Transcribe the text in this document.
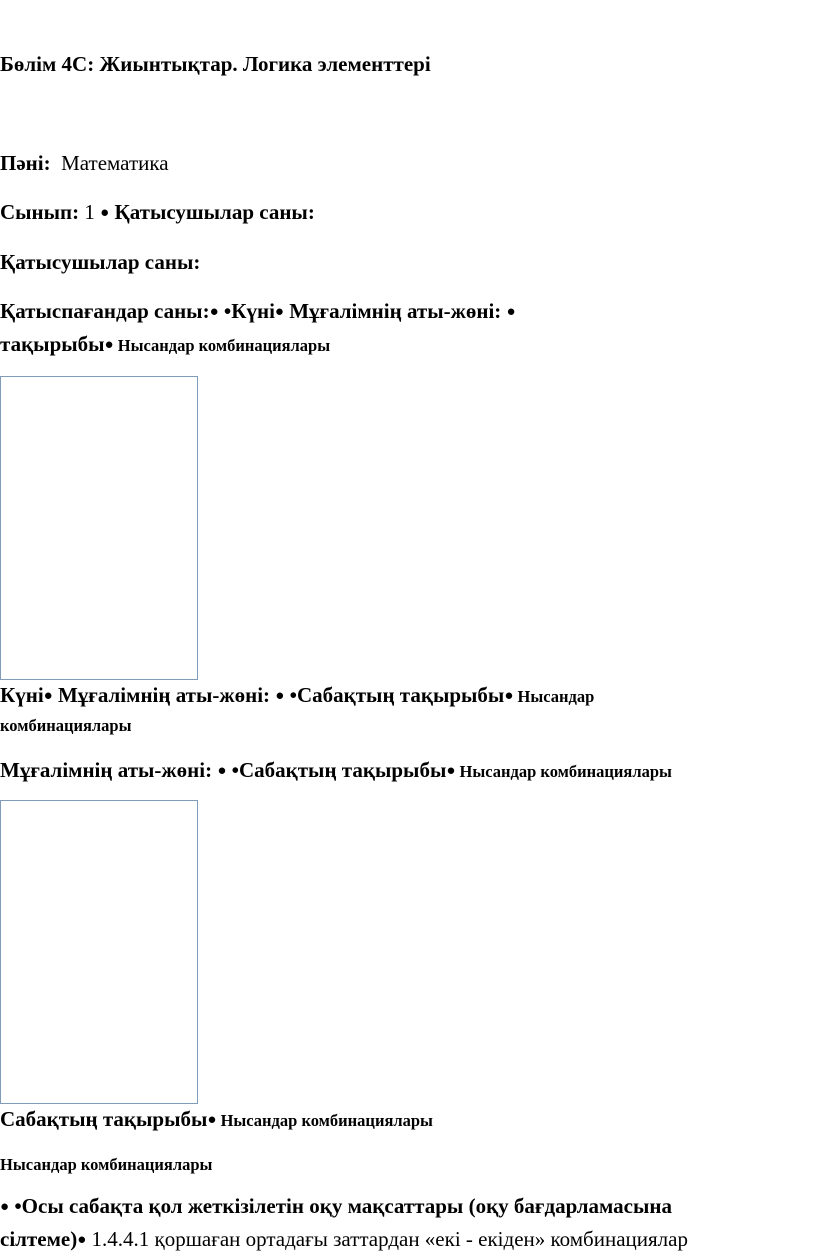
Бөлім 4С: Жиынтықтар. Логика элементтері
Пәні: Математика
Сынып: 1 ● Қатысушылар саны:
Қатысушылар саны:
Қатыспағандар саны:● •Күні● Мұғалімнің аты-жөні: ●
тақырыбы● Нысандар комбинациялары
Күні● Мұғалімнің аты-жөні: ● •Сабақтың тақырыбы● Нысандар
комбинациялары
Мұғалімнің аты-жөні: ● •Сабақтың тақырыбы● Нысандар комбинациялары
Сабақтың тақырыбы● Нысандар комбинациялары
Нысандар комбинациялары
● •Осы сабақта қол жеткізілетін оқу мақсаттары (оқу бағдарламасына
сілтеме)● 1.4.4.1 қоршаған ортадағы заттардан «екі - екіден» комбинациялар
